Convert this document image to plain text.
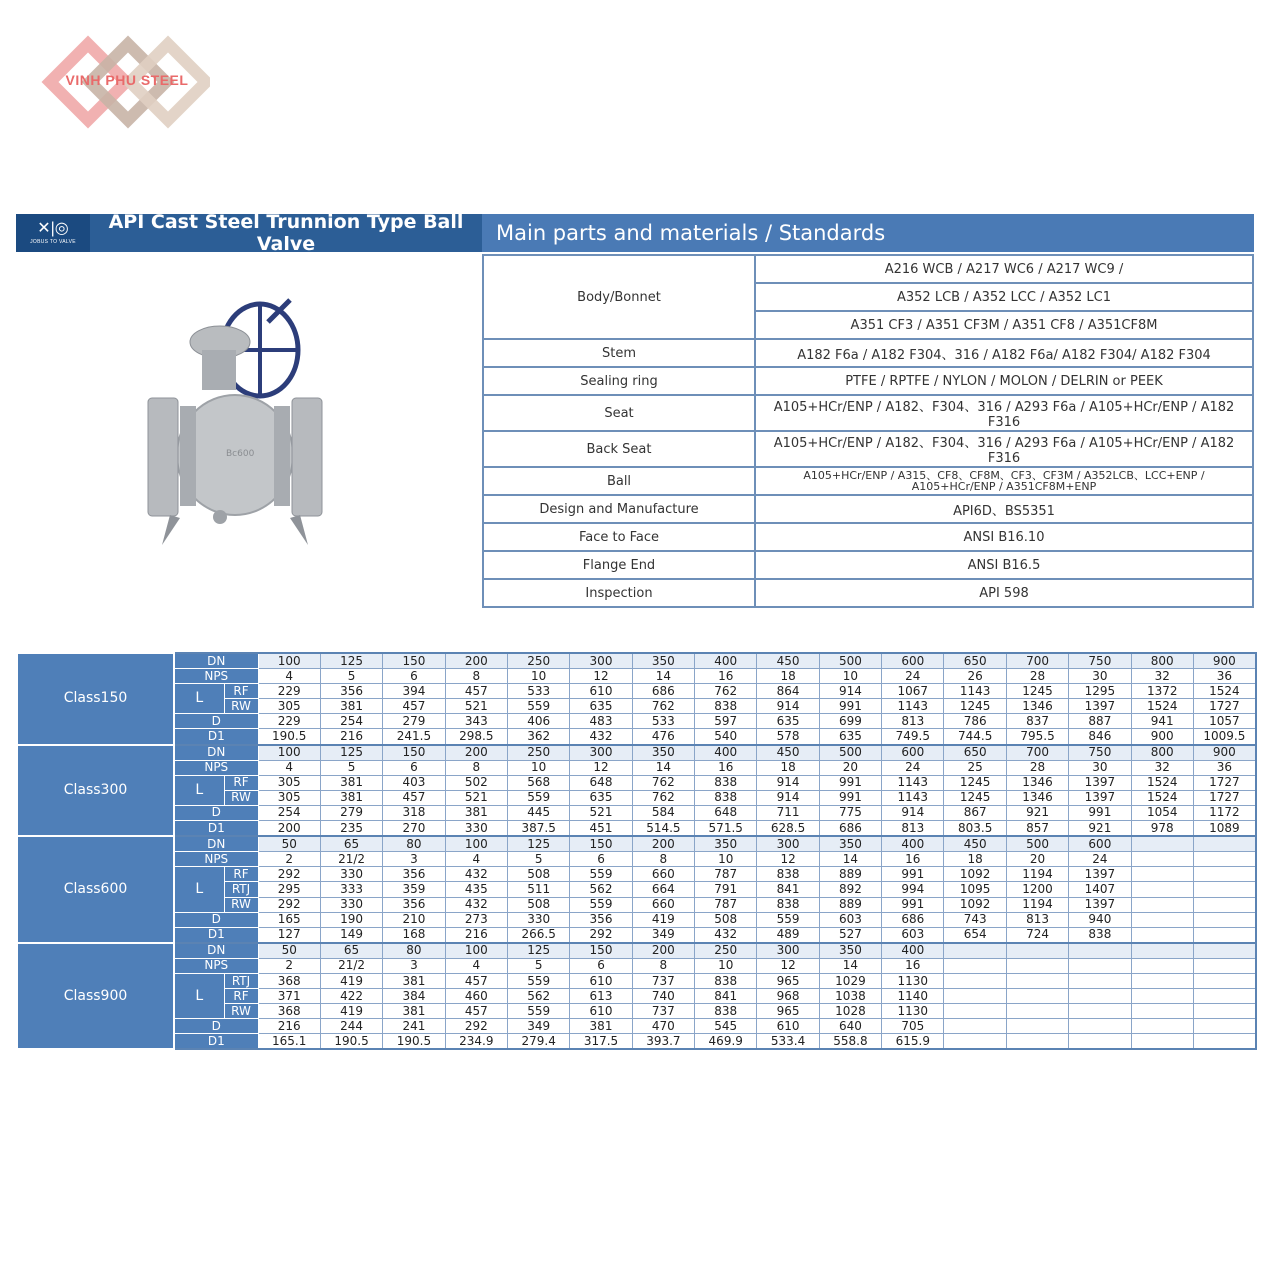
VINH PHU STEEL
✕|◎
JOBUS TO VALVE
API Cast Steel Trunnion Type Ball Valve	Main parts and materials / Standards
Bc600
Body/Bonnet	A216 WCB / A217 WC6 / A217 WC9 /
	A352 LCB / A352 LCC / A352 LC1
	A351 CF3 / A351 CF3M / A351 CF8 / A351CF8M
Stem	A182 F6a / A182 F304、316 / A182 F6a/ A182 F304/ A182 F304
Sealing ring	PTFE / RPTFE / NYLON / MOLON / DELRIN or PEEK
Seat	A105+HCr/ENP / A182、F304、316 / A293 F6a / A105+HCr/ENP / A182 F316
Back Seat	A105+HCr/ENP / A182、F304、316 / A293 F6a / A105+HCr/ENP / A182 F316
Ball	A105+HCr/ENP / A315、CF8、CF8M、CF3、CF3M / A352LCB、LCC+ENP / A105+HCr/ENP / A351CF8M+ENP
Design and Manufacture	API6D、BS5351
Face to Face	ANSI B16.10
Flange End	ANSI B16.5
Inspection	API 598
Class150	DN		100	125	150	200	250	300	350	400	450	500	600	650	700	750	800	900
	NPS		4	5	6	8	10	12	14	16	18	10	24	26	28	30	32	36
	L	RF	229	356	394	457	533	610	686	762	864	914	1067	1143	1245	1295	1372	1524
		RW	305	381	457	521	559	635	762	838	914	991	1143	1245	1346	1397	1524	1727
	D		229	254	279	343	406	483	533	597	635	699	813	786	837	887	941	1057
	D1		190.5	216	241.5	298.5	362	432	476	540	578	635	749.5	744.5	795.5	846	900	1009.5
Class300	DN		100	125	150	200	250	300	350	400	450	500	600	650	700	750	800	900
	NPS		4	5	6	8	10	12	14	16	18	20	24	25	28	30	32	36
	L	RF	305	381	403	502	568	648	762	838	914	991	1143	1245	1346	1397	1524	1727
		RW	305	381	457	521	559	635	762	838	914	991	1143	1245	1346	1397	1524	1727
	D		254	279	318	381	445	521	584	648	711	775	914	867	921	991	1054	1172
	D1		200	235	270	330	387.5	451	514.5	571.5	628.5	686	813	803.5	857	921	978	1089
Class600	DN		50	65	80	100	125	150	200	350	300	350	400	450	500	600		
	NPS		2	21/2	3	4	5	6	8	10	12	14	16	18	20	24		
	L	RF	292	330	356	432	508	559	660	787	838	889	991	1092	1194	1397		
		RTJ	295	333	359	435	511	562	664	791	841	892	994	1095	1200	1407		
		RW	292	330	356	432	508	559	660	787	838	889	991	1092	1194	1397		
	D		165	190	210	273	330	356	419	508	559	603	686	743	813	940		
	D1		127	149	168	216	266.5	292	349	432	489	527	603	654	724	838		
Class900	DN		50	65	80	100	125	150	200	250	300	350	400					
	NPS		2	21/2	3	4	5	6	8	10	12	14	16					
	L	RTJ	368	419	381	457	559	610	737	838	965	1029	1130					
		RF	371	422	384	460	562	613	740	841	968	1038	1140					
		RW	368	419	381	457	559	610	737	838	965	1028	1130					
	D		216	244	241	292	349	381	470	545	610	640	705					
	D1		165.1	190.5	190.5	234.9	279.4	317.5	393.7	469.9	533.4	558.8	615.9					
